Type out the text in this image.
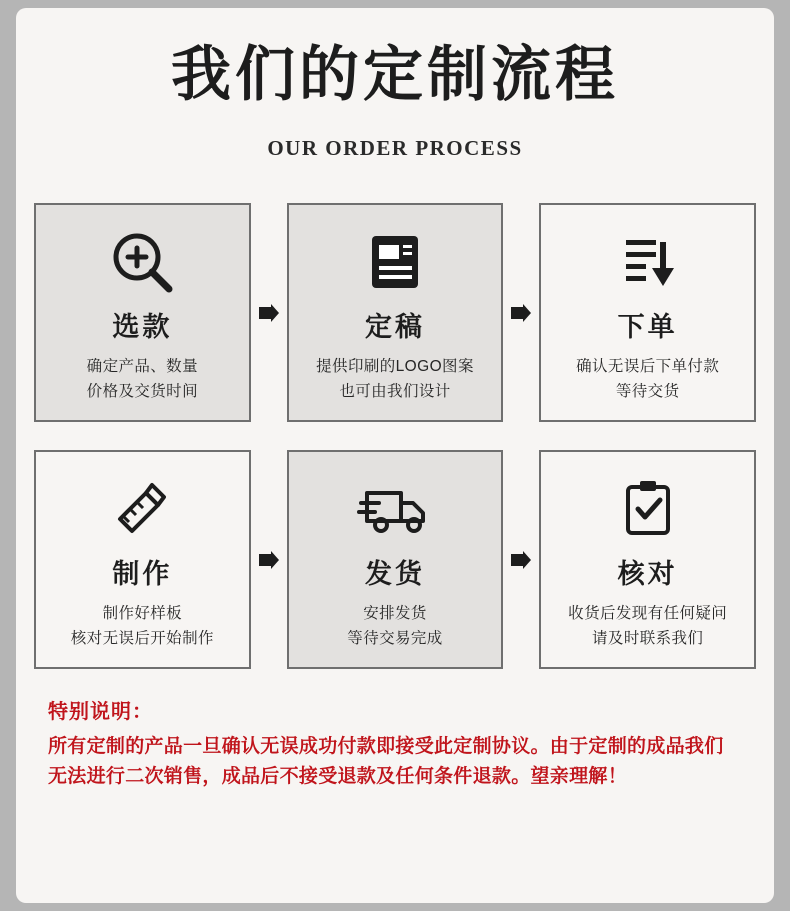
我们的定制流程
OUR ORDER PROCESS
选款
确定产品、数量
价格及交货时间
定稿
提供印刷的LOGO图案
也可由我们设计
下单
确认无误后下单付款
等待交货
制作
制作好样板
核对无误后开始制作
发货
安排发货
等待交易完成
核对
收货后发现有任何疑问
请及时联系我们
特别说明：
所有定制的产品一旦确认无误成功付款即接受此定制协议。由于定制的成品我们
无法进行二次销售，成品后不接受退款及任何条件退款。望亲理解！
